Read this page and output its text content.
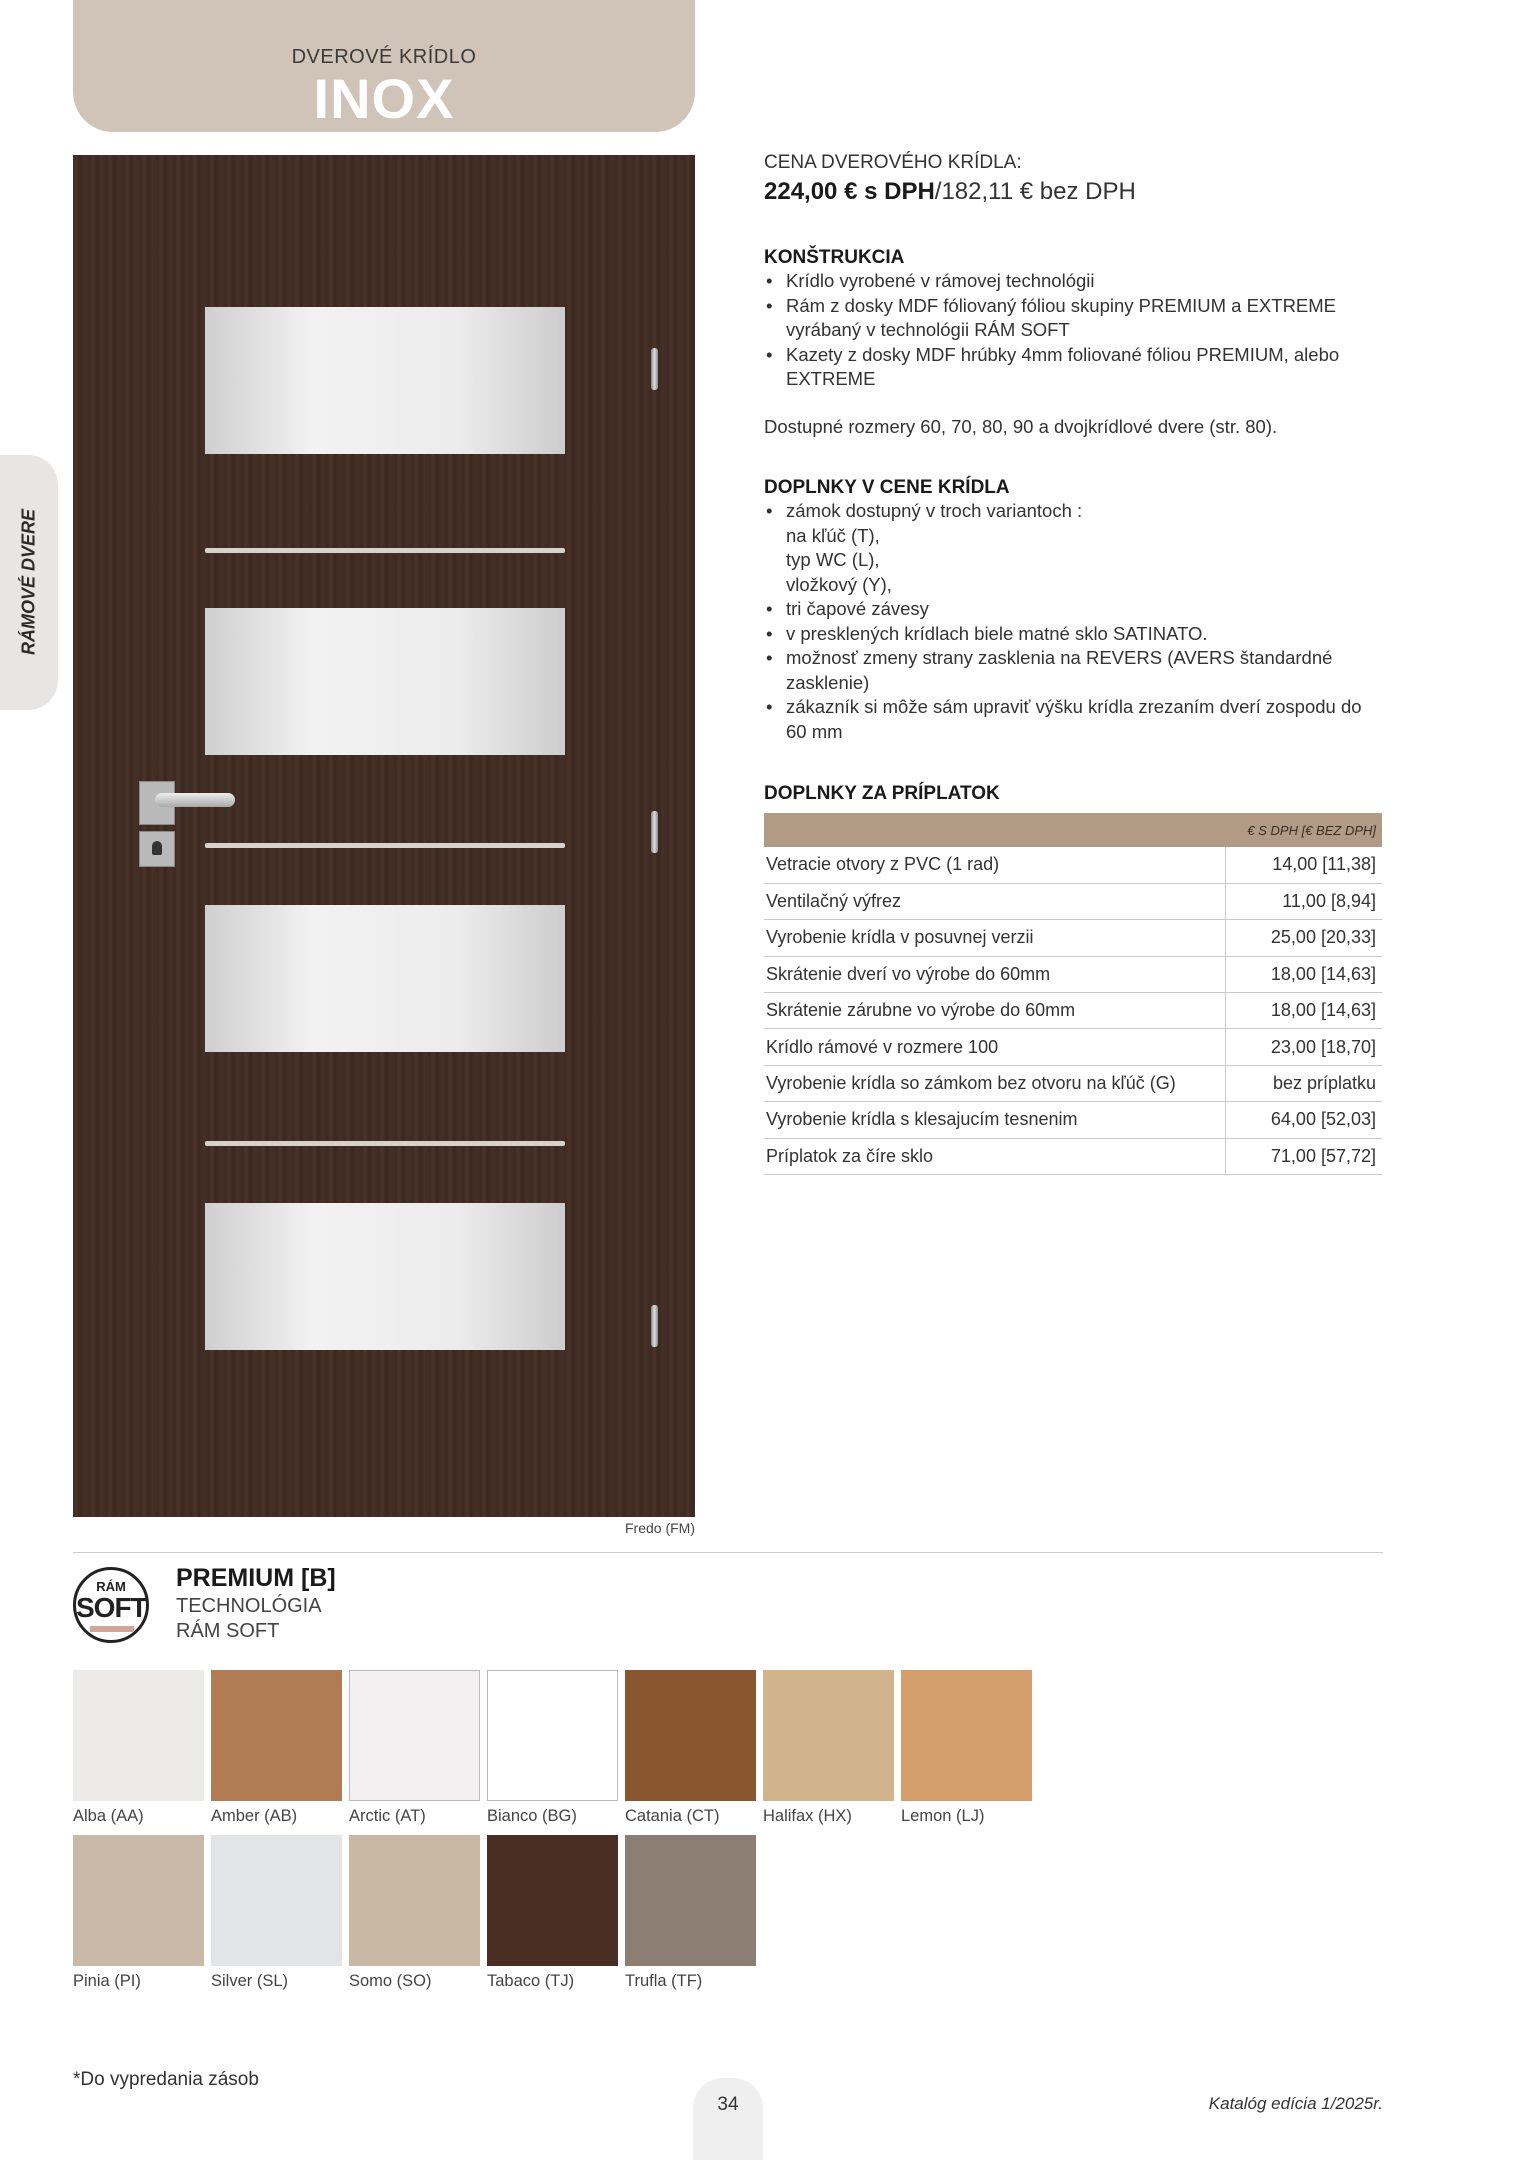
DVEROVÉ KRÍDLO
INOX
RÁMOVÉ DVERE
Fredo (FM)
CENA DVEROVÉHO KRÍDLA:
224,00 € s DPH/182,11 € bez DPH
KONŠTRUKCIA
• Krídlo vyrobené v rámovej technológii
• Rám z dosky MDF fóliovaný fóliou skupiny PREMIUM a EXTREME vyrábaný v technológii RÁM SOFT
• Kazety z dosky MDF hrúbky 4mm foliované fóliou PREMIUM, alebo EXTREME
Dostupné rozmery 60, 70, 80, 90 a dvojkrídlové dvere (str. 80).
DOPLNKY V CENE KRÍDLA
• zámok dostupný v troch variantoch :
na kľúč (T),
typ WC (L),
vložkový (Y),
• tri čapové závesy
• v presklených krídlach biele matné sklo SATINATO.
• možnosť zmeny strany zasklenia na REVERS (AVERS štandardné zasklenie)
• zákazník si môže sám upraviť výšku krídla zrezaním dverí zospodu do 60 mm
DOPLNKY ZA PRÍPLATOK
	€ S DPH [€ BEZ DPH]
Vetracie otvory z PVC (1 rad)	14,00 [11,38]
Ventilačný výfrez	11,00 [8,94]
Vyrobenie krídla v posuvnej verzii	25,00 [20,33]
Skrátenie dverí vo výrobe do 60mm	18,00 [14,63]
Skrátenie zárubne vo výrobe do 60mm	18,00 [14,63]
Krídlo rámové v rozmere 100	23,00 [18,70]
Vyrobenie krídla so zámkom bez otvoru na kľúč (G)	bez príplatku
Vyrobenie krídla s klesajucím tesnenim	64,00 [52,03]
Príplatok za číre sklo	71,00 [57,72]
RÁM
SOFT
PREMIUM [B]
TECHNOLÓGIA
RÁM SOFT
Alba (AA)	Amber (AB)	Arctic (AT)	Bianco (BG)	Catania (CT)	Halifax (HX)	Lemon (LJ)
Pinia (PI)	Silver (SL)	Somo (SO)	Tabaco (TJ)	Trufla (TF)
*Do vypredania zásob
34	Katalóg edícia 1/2025r.
